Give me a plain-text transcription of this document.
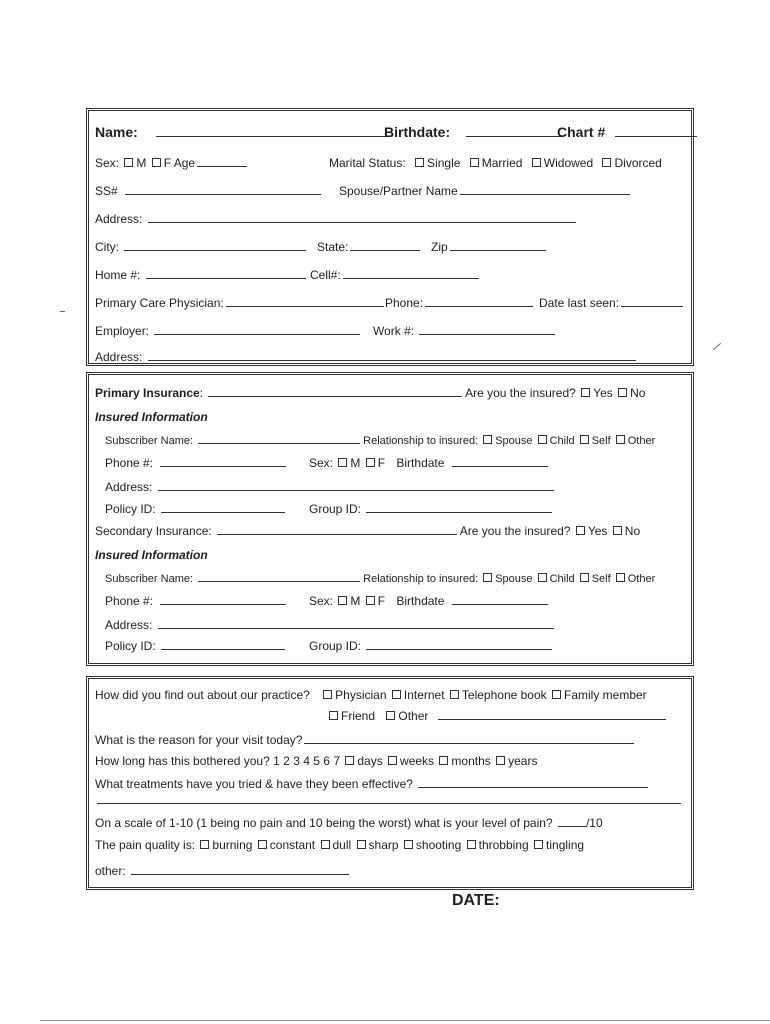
Name:	Birthdate:	Chart #
Sex: M F Age	Marital Status: Single Married Widowed Divorced
SS#	Spouse/Partner Name
Address:
City:	State:	Zip
Home #:	Cell#:
Primary Care Physician:	Phone:	Date last seen:
Employer:	Work #:
Address:
Primary Insurance:	Are you the insured? Yes No
Insured Information
Subscriber Name:	Relationship to insured: Spouse Child Self Other
Phone #:	Sex: M F Birthdate
Address:
Policy ID:	Group ID:
Secondary Insurance:	Are you the insured? Yes No
Insured Information
Subscriber Name:	Relationship to insured: Spouse Child Self Other
Phone #:	Sex: M F Birthdate
Address:
Policy ID:	Group ID:
How did you find out about our practice? Physician Internet Telephone book Family member
Friend Other
What is the reason for your visit today?
How long has this bothered you? 1 2 3 4 5 6 7 days weeks months years
What treatments have you tried & have they been effective?
On a scale of 1-10 (1 being no pain and 10 being the worst) what is your level of pain?	/10
The pain quality is: burning constant dull sharp shooting throbbing tingling
other:
DATE:
